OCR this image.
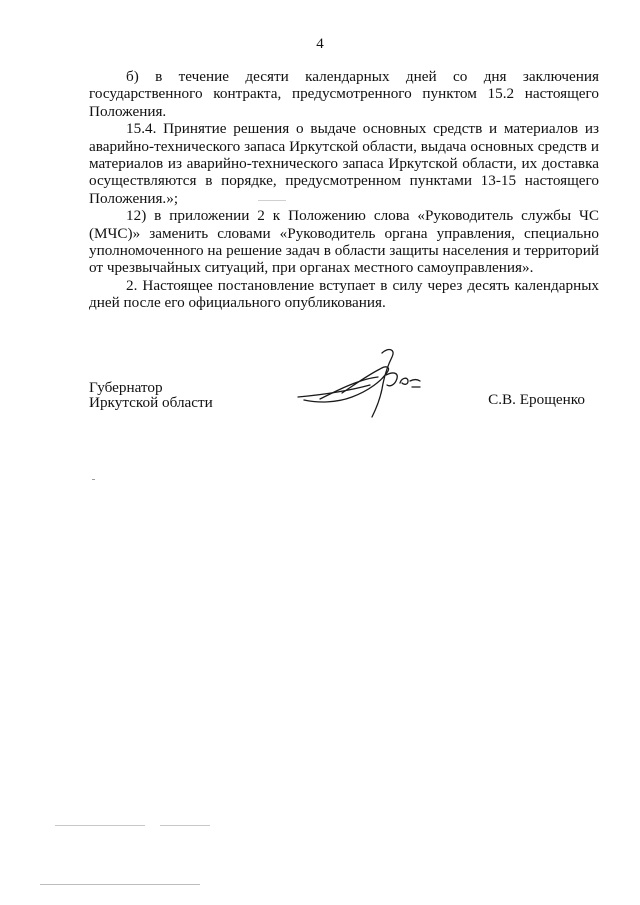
4

б) в течение десяти календарных дней со дня заключения государственного контракта, предусмотренного пунктом 15.2 настоящего Положения.

15.4. Принятие решения о выдаче основных средств и материалов из аварийно-технического запаса Иркутской области, выдача основных средств и материалов из аварийно-технического запаса Иркутской области, их доставка осуществляются в порядке, предусмотренном пунктами 13-15 настоящего Положения.»;

12) в приложении 2 к Положению слова «Руководитель службы ЧС (МЧС)» заменить словами «Руководитель органа управления, специально уполномоченного на решение задач в области защиты населения и территорий от чрезвычайных ситуаций, при органах местного самоуправления».

2. Настоящее постановление вступает в силу через десять календарных дней после его официального опубликования.

Губернатор
Иркутской области	С.В. Ерощенко
